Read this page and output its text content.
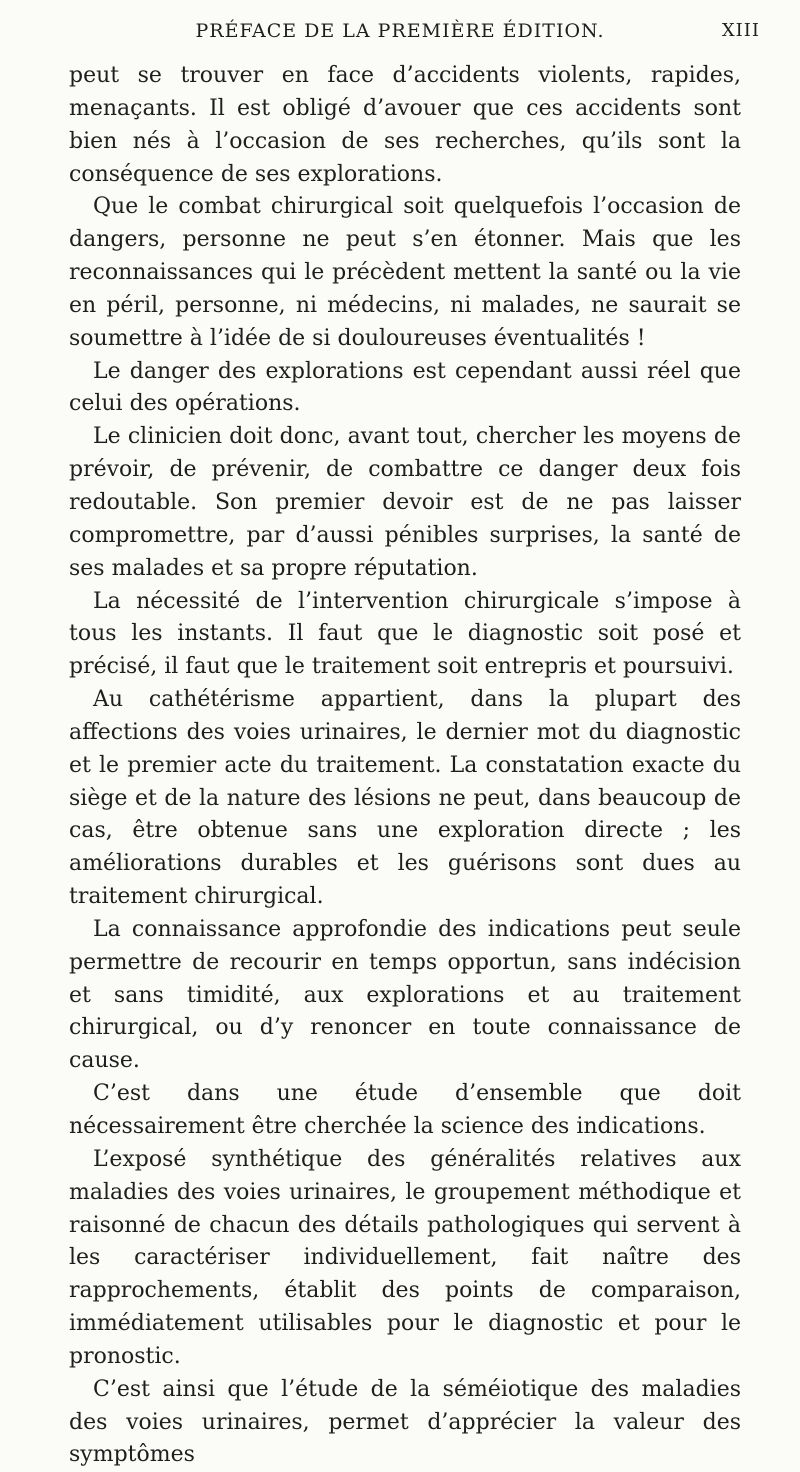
PRÉFACE DE LA PREMIÈRE ÉDITION.	XIII

peut se trouver en face d’accidents violents, rapides, menaçants. Il est obligé d’avouer que ces accidents sont bien nés à l’occasion de ses recherches, qu’ils sont la conséquence de ses explorations.

Que le combat chirurgical soit quelquefois l’occasion de dangers, personne ne peut s’en étonner. Mais que les reconnaissances qui le précèdent mettent la santé ou la vie en péril, personne, ni médecins, ni malades, ne saurait se soumettre à l’idée de si douloureuses éventualités !

Le danger des explorations est cependant aussi réel que celui des opérations.

Le clinicien doit donc, avant tout, chercher les moyens de prévoir, de prévenir, de combattre ce danger deux fois redoutable. Son premier devoir est de ne pas laisser compromettre, par d’aussi pénibles surprises, la santé de ses malades et sa propre réputation.

La nécessité de l’intervention chirurgicale s’impose à tous les instants. Il faut que le diagnostic soit posé et précisé, il faut que le traitement soit entrepris et poursuivi.

Au cathétérisme appartient, dans la plupart des affections des voies urinaires, le dernier mot du diagnostic et le premier acte du traitement. La constatation exacte du siège et de la nature des lésions ne peut, dans beaucoup de cas, être obtenue sans une exploration directe ; les améliorations durables et les guérisons sont dues au traitement chirurgical.

La connaissance approfondie des indications peut seule permettre de recourir en temps opportun, sans indécision et sans timidité, aux explorations et au traitement chirurgical, ou d’y renoncer en toute connaissance de cause.

C’est dans une étude d’ensemble que doit nécessairement être cherchée la science des indications.

L’exposé synthétique des généralités relatives aux maladies des voies urinaires, le groupement méthodique et raisonné de chacun des détails pathologiques qui servent à les caractériser individuellement, fait naître des rapprochements, établit des points de comparaison, immédiatement utilisables pour le diagnostic et pour le pronostic.

C’est ainsi que l’étude de la séméiotique des maladies des voies urinaires, permet d’apprécier la valeur des symptômes
